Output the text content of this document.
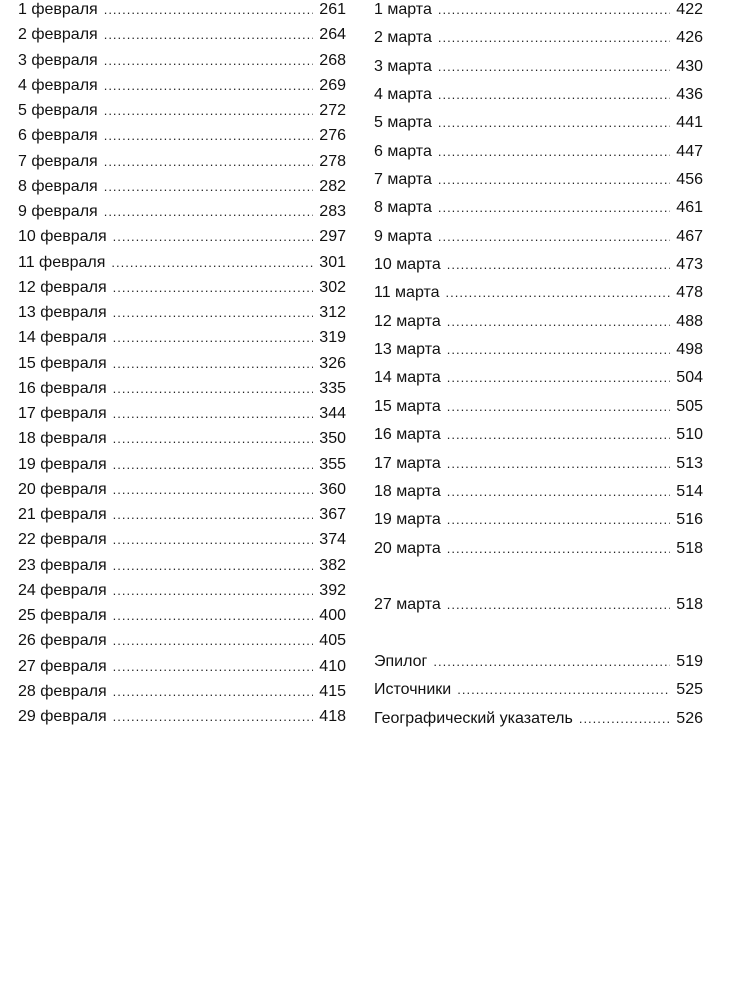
1 февраля .....	261
2 февраля .....	264
3 февраля .....	268
4 февраля .....	269
5 февраля .....	272
6 февраля .....	276
7 февраля .....	278
8 февраля .....	282
9 февраля .....	283
10 февраля .....	297
11 февраля .....	301
12 февраля .....	302
13 февраля .....	312
14 февраля .....	319
15 февраля .....	326
16 февраля .....	335
17 февраля .....	344
18 февраля .....	350
19 февраля .....	355
20 февраля .....	360
21 февраля .....	367
22 февраля .....	374
23 февраля .....	382
24 февраля .....	392
25 февраля .....	400
26 февраля .....	405
27 февраля .....	410
28 февраля .....	415
29 февраля .....	418
1 марта .....	422
2 марта .....	426
3 марта .....	430
4 марта .....	436
5 марта .....	441
6 марта .....	447
7 марта .....	456
8 марта .....	461
9 марта .....	467
10 марта .....	473
11 марта .....	478
12 марта .....	488
13 марта .....	498
14 марта .....	504
15 марта .....	505
16 марта .....	510
17 марта .....	513
18 марта .....	514
19 марта .....	516
20 марта .....	518
27 марта .....	518
Эпилог .....	519
Источники .....	525
Географический указатель .....	526
